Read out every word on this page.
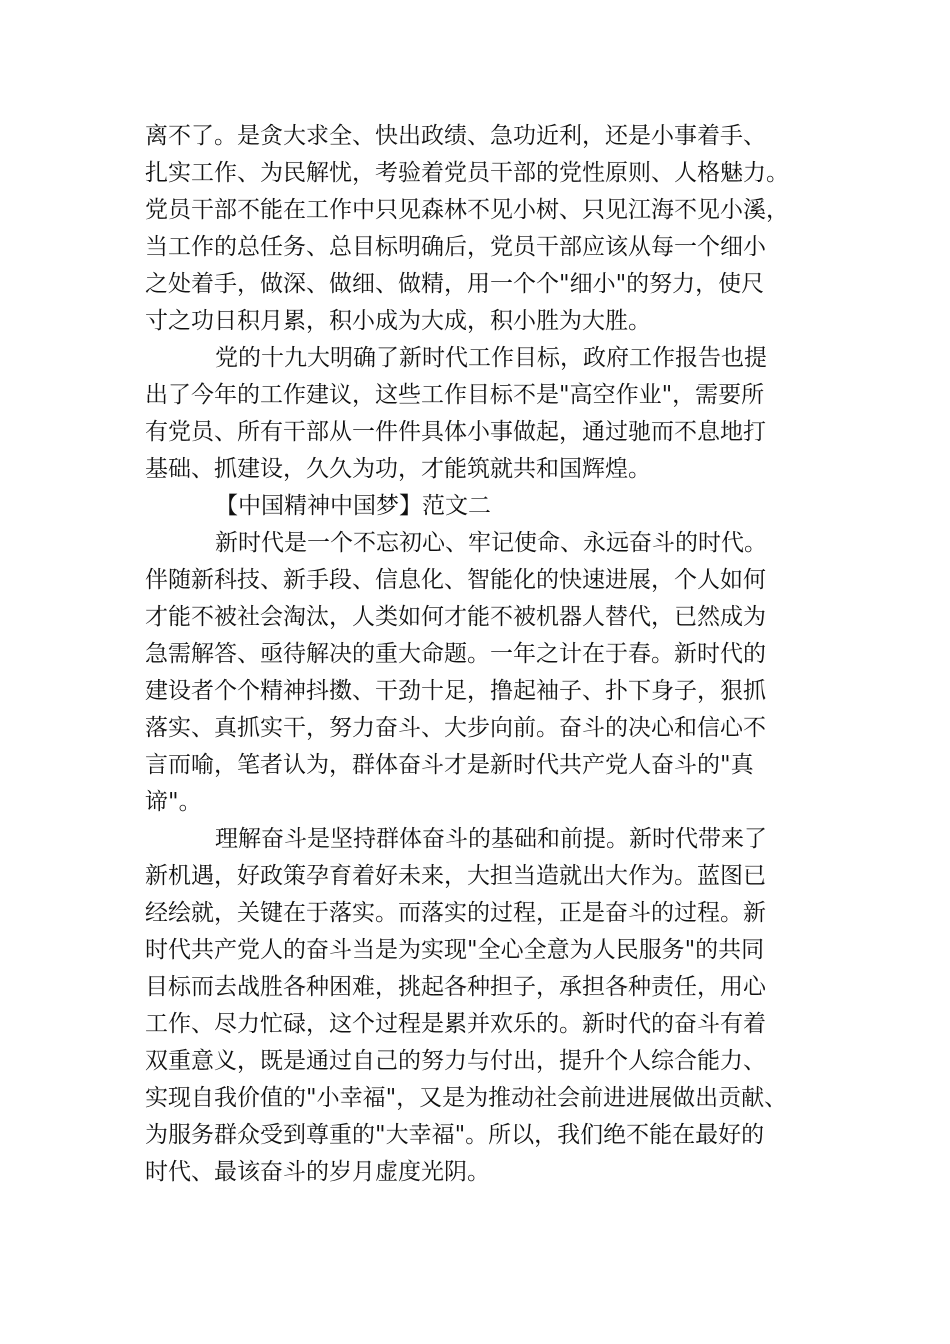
离不了。是贪大求全、快出政绩、急功近利，还是小事着手、
扎实工作、为民解忧，考验着党员干部的党性原则、人格魅力。
党员干部不能在工作中只见森林不见小树、只见江海不见小溪，
当工作的总任务、总目标明确后，党员干部应该从每一个细小
之处着手，做深、做细、做精，用一个个"细小"的努力，使尺
寸之功日积月累，积小成为大成，积小胜为大胜。
党的十九大明确了新时代工作目标，政府工作报告也提
出了今年的工作建议，这些工作目标不是"高空作业"，需要所
有党员、所有干部从一件件具体小事做起，通过驰而不息地打
基础、抓建设，久久为功，才能筑就共和国辉煌。
【中国精神中国梦】范文二
新时代是一个不忘初心、牢记使命、永远奋斗的时代。
伴随新科技、新手段、信息化、智能化的快速进展，个人如何
才能不被社会淘汰，人类如何才能不被机器人替代，已然成为
急需解答、亟待解决的重大命题。一年之计在于春。新时代的
建设者个个精神抖擞、干劲十足，撸起袖子、扑下身子，狠抓
落实、真抓实干，努力奋斗、大步向前。奋斗的决心和信心不
言而喻，笔者认为，群体奋斗才是新时代共产党人奋斗的"真
谛"。
理解奋斗是坚持群体奋斗的基础和前提。新时代带来了
新机遇，好政策孕育着好未来，大担当造就出大作为。蓝图已
经绘就，关键在于落实。而落实的过程，正是奋斗的过程。新
时代共产党人的奋斗当是为实现"全心全意为人民服务"的共同
目标而去战胜各种困难，挑起各种担子，承担各种责任，用心
工作、尽力忙碌，这个过程是累并欢乐的。新时代的奋斗有着
双重意义，既是通过自己的努力与付出，提升个人综合能力、
实现自我价值的"小幸福"，又是为推动社会前进进展做出贡献、
为服务群众受到尊重的"大幸福"。所以，我们绝不能在最好的
时代、最该奋斗的岁月虚度光阴。
